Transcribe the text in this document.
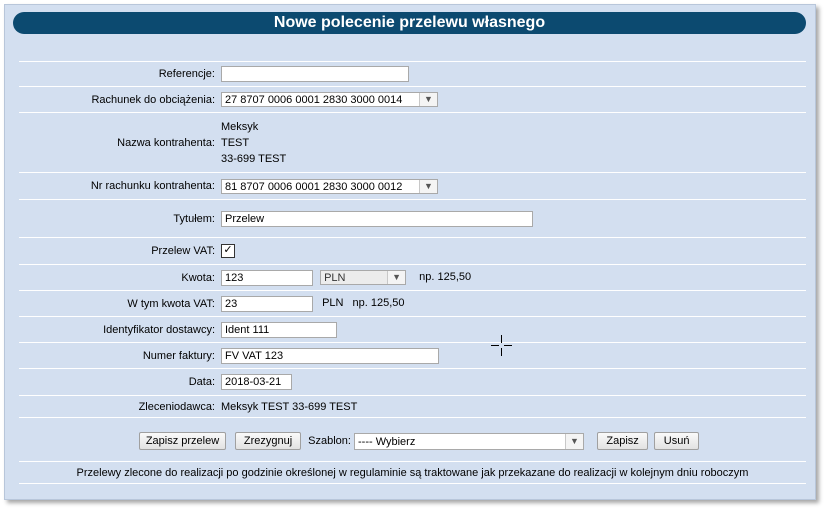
Nowe polecenie przelewu własnego
Referencje:	
Rachunek do obciążenia:	27 8707 0006 0001 2830 3000 0014 ▼

Nazwa kontrahenta:	Meksyk
TEST
33-699 TEST

Nr rachunku kontrahenta:	81 8707 0006 0001 2830 3000 0012 ▼

Tytułem:	Przelew
Przelew VAT:	✓
Kwota:	123 PLN ▼ np. 125,50
W tym kwota VAT:	23 PLN np. 125,50
Identyfikator dostawcy:	Ident 111
Numer faktury:	FV VAT 123
Data:	2018-03-21
Zleceniodawca:	Meksyk TEST 33-699 TEST
Zapisz przelew Zrezygnuj Szablon: ---- Wybierz ▼ Zapisz Usuń	
Przelewy zlecone do realizacji po godzinie określonej w regulaminie są traktowane jak przekazane do realizacji w kolejnym dniu roboczym	
